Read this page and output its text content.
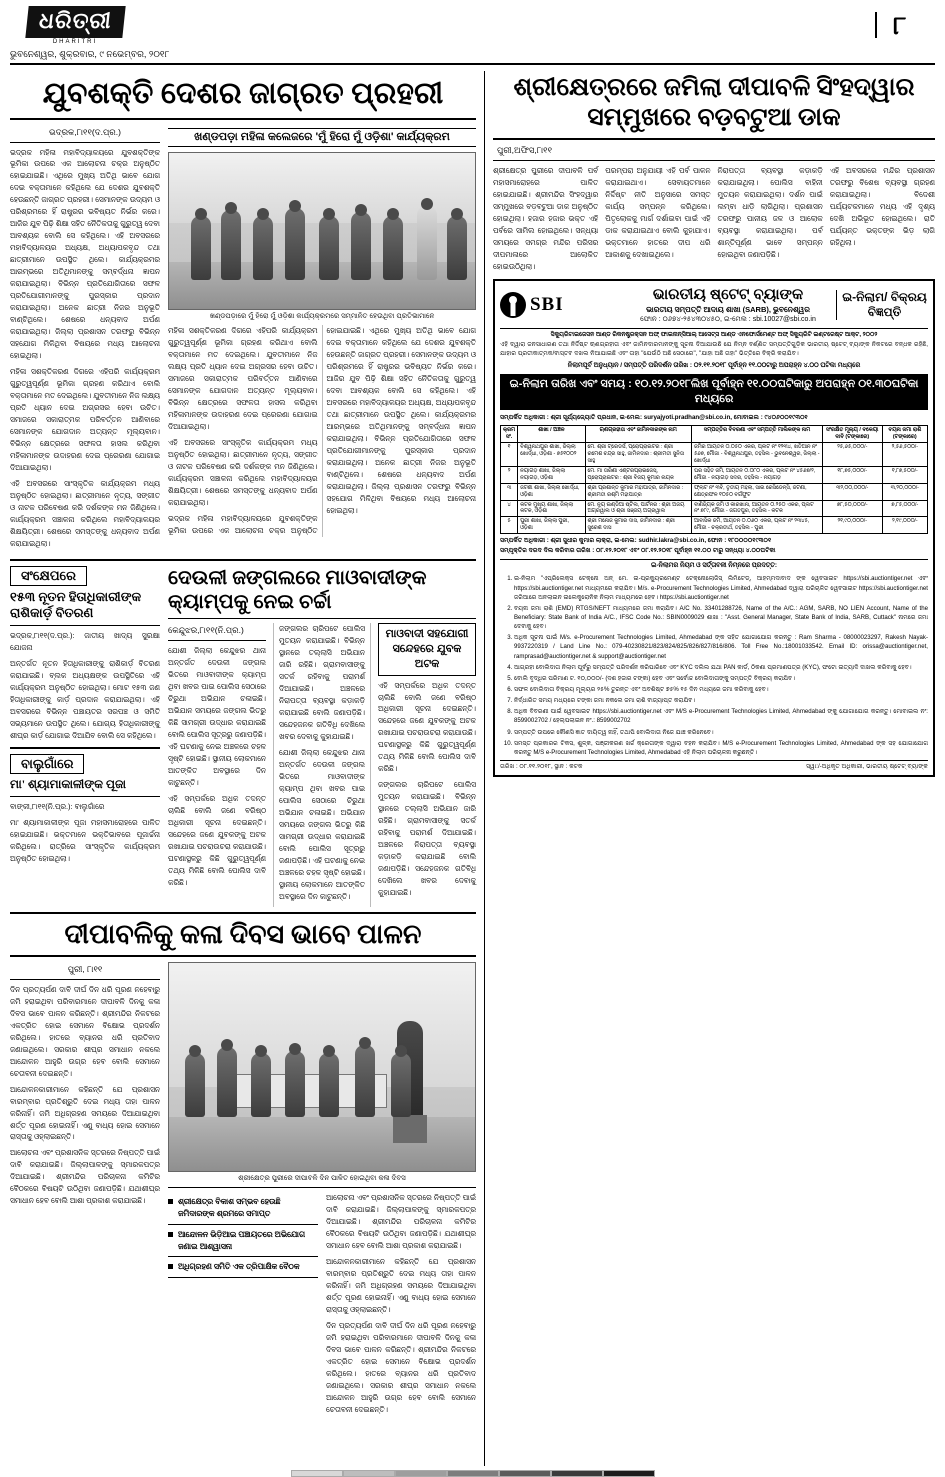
ଧରିତ୍ରୀ
DHARITRI
ଭୁବନେଶ୍ୱର, ଶୁକ୍ରବାର, ୯ ନଭେମ୍ବର, ୨୦୧୮
୮
ଯୁବଶକ୍ତି ଦେଶର ଜାଗ୍ରତ ପ୍ରହରୀ
ଭଦ୍ରକ,୮ା୧୧(ଦ.ପ୍ର.)

ଭଦ୍ରକ ମହିଳା ମହାବିଦ୍ୟାଳୟରେ ଯୁବଶକ୍ତିଙ୍କ ଭୂମିକା ଉପରେ ଏକ ଆଲୋଚନା ଚକ୍ର ଅନୁଷ୍ଠିତ ହୋଇଯାଇଛି। ଏଥିରେ ମୁଖ୍ୟ ଅତିଥି ଭାବେ ଯୋଗ ଦେଇ ବକ୍ତାମାନେ କହିଥିଲେ ଯେ ଦେଶର ଯୁବଶକ୍ତି ହେଉଛନ୍ତି ଜାଗ୍ରତ ପ୍ରହରୀ। ସେମାନଙ୍କ ଉଦ୍ୟମ ଓ ପରିଶ୍ରମରେ ହିଁ ରାଷ୍ଟ୍ରର ଭବିଷ୍ୟତ ନିର୍ଭର କରେ। ଆଜିର ଯୁବ ପିଢ଼ି ଶିକ୍ଷା ସହିତ ନୈତିକତାକୁ ଗୁରୁତ୍ୱ ଦେବା ଆବଶ୍ୟକ ବୋଲି ସେ କହିଥିଲେ। ଏହି ଅବସରରେ ମହାବିଦ୍ୟାଳୟର ଅଧ୍ୟକ୍ଷ, ଅଧ୍ୟାପକବୃନ୍ଦ ତଥା ଛାତ୍ରୀମାନେ ଉପସ୍ଥିତ ଥିଲେ। କାର୍ଯ୍ୟକ୍ରମର ଆରମ୍ଭରେ ଅତିଥିମାନଙ୍କୁ ସମ୍ବର୍ଦ୍ଧନା ଜ୍ଞାପନ କରାଯାଇଥିଲା। ବିଭିନ୍ନ ପ୍ରତିଯୋଗିତାରେ ସଫଳ ପ୍ରତିଯୋଗୀମାନଙ୍କୁ ପୁରସ୍କାର ପ୍ରଦାନ କରାଯାଇଥିଲା। ଅନେକ ଛାତ୍ରୀ ନିଜର ଅନୁଭୂତି ବାଣ୍ଟିଥିଲେ। ଶେଷରେ ଧନ୍ୟବାଦ ଅର୍ପଣ କରାଯାଇଥିଲା। ଜିଲ୍ଲା ପ୍ରଶାସନ ତରଫରୁ ବିଭିନ୍ନ ସହଯୋଗ ମିଳିଥିବା ବିଷୟରେ ମଧ୍ୟ ଆଲୋଚନା ହୋଇଥିଲା।

ମହିଳା ସଶକ୍ତିକରଣ ଦିଗରେ ଏହିପରି କାର୍ଯ୍ୟକ୍ରମ ଗୁରୁତ୍ୱପୂର୍ଣ୍ଣ ଭୂମିକା ଗ୍ରହଣ କରିଥାଏ ବୋଲି ବକ୍ତାମାନେ ମତ ଦେଇଥିଲେ। ଯୁବତୀମାନେ ନିଜ ଲକ୍ଷ୍ୟ ପ୍ରତି ଧ୍ୟାନ ଦେଇ ଅଗ୍ରସର ହେବା ଉଚିତ। ସମାଜରେ ସକାରାତ୍ମକ ପରିବର୍ତ୍ତନ ଆଣିବାରେ ସେମାନଙ୍କ ଯୋଗଦାନ ଅତ୍ୟନ୍ତ ମୂଲ୍ୟବାନ। ବିଭିନ୍ନ କ୍ଷେତ୍ରରେ ସଫଳତା ହାସଲ କରିଥିବା ମହିଳାମାନଙ୍କ ଉଦାହରଣ ଦେଇ ପ୍ରେରଣା ଯୋଗାଇ ଦିଆଯାଇଥିଲା।

ଏହି ଅବସରରେ ସାଂସ୍କୃତିକ କାର୍ଯ୍ୟକ୍ରମ ମଧ୍ୟ ଅନୁଷ୍ଠିତ ହୋଇଥିଲା। ଛାତ୍ରୀମାନେ ନୃତ୍ୟ, ସଙ୍ଗୀତ ଓ ନାଟକ ପରିବେଷଣ କରି ଦର୍ଶକଙ୍କ ମନ ଜିଣିଥିଲେ। କାର୍ଯ୍ୟକ୍ରମ ସଞ୍ଚାଳନା କରିଥିଲେ ମହାବିଦ୍ୟାଳୟର ଶିକ୍ଷୟିତ୍ରୀ। ଶେଷରେ ସମସ୍ତଙ୍କୁ ଧନ୍ୟବାଦ ଅର୍ପଣ କରାଯାଇଥିଲା।

ଖଣ୍ଡପଡ଼ା ମହିଳା କଲେଜରେ 'ମୁଁ ହିରୋ ମୁଁ ଓଡ଼ିଶା' କାର୍ଯ୍ୟକ୍ରମ
ଖଣ୍ଡପଡ଼ାରେ ମୁଁ ହିରୋ ମୁଁ ଓଡ଼ିଶା କାର୍ଯ୍ୟକ୍ରମରେ ସମ୍ମାନିତ ହେଉଥିବା ପ୍ରତିଭାମାନେ

ମହିଳା ସଶକ୍ତିକରଣ ଦିଗରେ ଏହିପରି କାର୍ଯ୍ୟକ୍ରମ ଗୁରୁତ୍ୱପୂର୍ଣ୍ଣ ଭୂମିକା ଗ୍ରହଣ କରିଥାଏ ବୋଲି ବକ୍ତାମାନେ ମତ ଦେଇଥିଲେ। ଯୁବତୀମାନେ ନିଜ ଲକ୍ଷ୍ୟ ପ୍ରତି ଧ୍ୟାନ ଦେଇ ଅଗ୍ରସର ହେବା ଉଚିତ। ସମାଜରେ ସକାରାତ୍ମକ ପରିବର୍ତ୍ତନ ଆଣିବାରେ ସେମାନଙ୍କ ଯୋଗଦାନ ଅତ୍ୟନ୍ତ ମୂଲ୍ୟବାନ। ବିଭିନ୍ନ କ୍ଷେତ୍ରରେ ସଫଳତା ହାସଲ କରିଥିବା ମହିଳାମାନଙ୍କ ଉଦାହରଣ ଦେଇ ପ୍ରେରଣା ଯୋଗାଇ ଦିଆଯାଇଥିଲା।

ଏହି ଅବସରରେ ସାଂସ୍କୃତିକ କାର୍ଯ୍ୟକ୍ରମ ମଧ୍ୟ ଅନୁଷ୍ଠିତ ହୋଇଥିଲା। ଛାତ୍ରୀମାନେ ନୃତ୍ୟ, ସଙ୍ଗୀତ ଓ ନାଟକ ପରିବେଷଣ କରି ଦର୍ଶକଙ୍କ ମନ ଜିଣିଥିଲେ। କାର୍ଯ୍ୟକ୍ରମ ସଞ୍ଚାଳନା କରିଥିଲେ ମହାବିଦ୍ୟାଳୟର ଶିକ୍ଷୟିତ୍ରୀ। ଶେଷରେ ସମସ୍ତଙ୍କୁ ଧନ୍ୟବାଦ ଅର୍ପଣ କରାଯାଇଥିଲା।

ଭଦ୍ରକ ମହିଳା ମହାବିଦ୍ୟାଳୟରେ ଯୁବଶକ୍ତିଙ୍କ ଭୂମିକା ଉପରେ ଏକ ଆଲୋଚନା ଚକ୍ର ଅନୁଷ୍ଠିତ ହୋଇଯାଇଛି। ଏଥିରେ ମୁଖ୍ୟ ଅତିଥି ଭାବେ ଯୋଗ ଦେଇ ବକ୍ତାମାନେ କହିଥିଲେ ଯେ ଦେଶର ଯୁବଶକ୍ତି ହେଉଛନ୍ତି ଜାଗ୍ରତ ପ୍ରହରୀ। ସେମାନଙ୍କ ଉଦ୍ୟମ ଓ ପରିଶ୍ରମରେ ହିଁ ରାଷ୍ଟ୍ରର ଭବିଷ୍ୟତ ନିର୍ଭର କରେ। ଆଜିର ଯୁବ ପିଢ଼ି ଶିକ୍ଷା ସହିତ ନୈତିକତାକୁ ଗୁରୁତ୍ୱ ଦେବା ଆବଶ୍ୟକ ବୋଲି ସେ କହିଥିଲେ। ଏହି ଅବସରରେ ମହାବିଦ୍ୟାଳୟର ଅଧ୍ୟକ୍ଷ, ଅଧ୍ୟାପକବୃନ୍ଦ ତଥା ଛାତ୍ରୀମାନେ ଉପସ୍ଥିତ ଥିଲେ। କାର୍ଯ୍ୟକ୍ରମର ଆରମ୍ଭରେ ଅତିଥିମାନଙ୍କୁ ସମ୍ବର୍ଦ୍ଧନା ଜ୍ଞାପନ କରାଯାଇଥିଲା। ବିଭିନ୍ନ ପ୍ରତିଯୋଗିତାରେ ସଫଳ ପ୍ରତିଯୋଗୀମାନଙ୍କୁ ପୁରସ୍କାର ପ୍ରଦାନ କରାଯାଇଥିଲା। ଅନେକ ଛାତ୍ରୀ ନିଜର ଅନୁଭୂତି ବାଣ୍ଟିଥିଲେ। ଶେଷରେ ଧନ୍ୟବାଦ ଅର୍ପଣ କରାଯାଇଥିଲା। ଜିଲ୍ଲା ପ୍ରଶାସନ ତରଫରୁ ବିଭିନ୍ନ ସହଯୋଗ ମିଳିଥିବା ବିଷୟରେ ମଧ୍ୟ ଆଲୋଚନା ହୋଇଥିଲା।

ସଂକ୍ଷେପରେ
୧୫୩ ନୂତନ ହିତାଧିକାରୀଙ୍କ ରାଶିକାର୍ଡ଼ ବିତରଣ

ଭଦ୍ରକ,୮ା୧୧(ଦ.ପ୍ର.): ଜାତୀୟ ଖାଦ୍ୟ ସୁରକ୍ଷା ଯୋଜନା

ଅନ୍ତର୍ଗତ ନୂତନ ହିତାଧିକାରୀଙ୍କୁ ରାଶିକାର୍ଡ଼ ବିତରଣ କରାଯାଇଛି। ବ୍ଲକ ଅଧ୍ୟକ୍ଷଙ୍କ ଉପସ୍ଥିତିରେ ଏହି କାର୍ଯ୍ୟକ୍ରମ ଅନୁଷ୍ଠିତ ହୋଇଥିଲା। ମୋଟ ୧୫୩ ଜଣ ହିତାଧିକାରୀଙ୍କୁ କାର୍ଡ଼ ପ୍ରଦାନ କରାଯାଇଥିଲା। ଏହି ଅବସରରେ ବିଭିନ୍ନ ପଞ୍ଚାୟତର ସରପଞ୍ଚ ଓ ସମିତି ସଭ୍ୟମାନେ ଉପସ୍ଥିତ ଥିଲେ। ଯୋଗ୍ୟ ହିତାଧିକାରୀଙ୍କୁ ଶୀଘ୍ର କାର୍ଡ଼ ଯୋଗାଇ ଦିଆଯିବ ବୋଲି ସେ କହିଥିଲେ।

ବାଲୁଗାଁରେ
ମା' ଶ୍ୟାମାକାଳୀଙ୍କ ପୂଜା

ବାଙ୍କୀ,୮ା୧୧(ନି.ପ୍ର.): ବାଲୁଗାଁରେ

ମା' ଶ୍ୟାମାକାଳୀଙ୍କ ପୂଜା ମହାସମାରୋହରେ ପାଳିତ ହୋଇଯାଇଛି। ଭକ୍ତମାନେ ଭକ୍ତିଭାବରେ ପୂଜାର୍ଚ୍ଚନା କରିଥିଲେ। ରାତ୍ରିରେ ସାଂସ୍କୃତିକ କାର୍ଯ୍ୟକ୍ରମ ଅନୁଷ୍ଠିତ ହୋଇଥିଲା।

ଦେଉଳୀ ଜଙ୍ଗଲରେ ମାଓବାଦୀଙ୍କ କ୍ୟାମ୍ପକୁ ନେଇ ଚର୍ଚ୍ଚା
କେନ୍ଦୁଝର,୮ା୧୧(ନି.ପ୍ର.)

ଯୋଶୀ ଜିଲ୍ଲା କେନ୍ଦୁଝର ଥାନା ଅନ୍ତର୍ଗତ ଦେଉଳୀ ଜଙ୍ଗଲ ଭିତରେ ମାଓବାଦୀଙ୍କ କ୍ୟାମ୍ପ ଥିବା ଖବର ପାଇ ପୋଲିସ ସେଠାରେ ଚିରୁଥା ଅଭିଯାନ ଚଳାଇଛି। ଅଭିଯାନ ସମୟରେ ଜଙ୍ଗଲ ଭିତରୁ କିଛି ସାମଗ୍ରୀ ଉଦ୍ଧାର କରାଯାଇଛି ବୋଲି ପୋଲିସ ସୂତ୍ରରୁ ଜଣାପଡ଼ିଛି। ଏହି ଘଟଣାକୁ ନେଇ ଅଞ୍ଚଳରେ ଚହଳ ସୃଷ୍ଟି ହୋଇଛି। ସ୍ଥାନୀୟ ଲୋକମାନେ ଆତଙ୍କିତ ଅବସ୍ଥାରେ ଦିନ କାଟୁଛନ୍ତି।

ଏହି ସମ୍ପର୍କରେ ଅଧିକ ତଦନ୍ତ ଚାଲିଛି ବୋଲି ଜଣେ ବରିଷ୍ଠ ଅଧିକାରୀ ସୂଚନା ଦେଇଛନ୍ତି। ସନ୍ଦେହରେ ଜଣେ ଯୁବକଙ୍କୁ ଅଟକ ରଖାଯାଇ ପଚରାଉଚରା କରାଯାଉଛି। ଘଟଣାସ୍ଥଳରୁ କିଛି ଗୁରୁତ୍ୱପୂର୍ଣ୍ଣ ତଥ୍ୟ ମିଳିଛି ବୋଲି ପୋଲିସ ଦାବି କରିଛି।

ଜଙ୍ଗଲର ଚାରିପଟେ ପୋଲିସ ମୁତୟନ କରାଯାଇଛି। ବିଭିନ୍ନ ସ୍ଥାନରେ ତଲ୍ଲାସି ଅଭିଯାନ ଜାରି ରହିଛି। ଗ୍ରାମବାସୀଙ୍କୁ ସତର୍କ ରହିବାକୁ ପରାମର୍ଶ ଦିଆଯାଇଛି। ଅଞ୍ଚଳରେ ନିରାପତ୍ତା ବ୍ୟବସ୍ଥା କଡ଼ାକଡ଼ି କରାଯାଇଛି ବୋଲି ଜଣାପଡ଼ିଛି। ସନ୍ଦେହଜନକ ଗତିବିଧି ଦେଖିଲେ ଖବର ଦେବାକୁ କୁହାଯାଇଛି।

ଯୋଶୀ ଜିଲ୍ଲା କେନ୍ଦୁଝର ଥାନା ଅନ୍ତର୍ଗତ ଦେଉଳୀ ଜଙ୍ଗଲ ଭିତରେ ମାଓବାଦୀଙ୍କ କ୍ୟାମ୍ପ ଥିବା ଖବର ପାଇ ପୋଲିସ ସେଠାରେ ଚିରୁଥା ଅଭିଯାନ ଚଳାଇଛି। ଅଭିଯାନ ସମୟରେ ଜଙ୍ଗଲ ଭିତରୁ କିଛି ସାମଗ୍ରୀ ଉଦ୍ଧାର କରାଯାଇଛି ବୋଲି ପୋଲିସ ସୂତ୍ରରୁ ଜଣାପଡ଼ିଛି। ଏହି ଘଟଣାକୁ ନେଇ ଅଞ୍ଚଳରେ ଚହଳ ସୃଷ୍ଟି ହୋଇଛି। ସ୍ଥାନୀୟ ଲୋକମାନେ ଆତଙ୍କିତ ଅବସ୍ଥାରେ ଦିନ କାଟୁଛନ୍ତି।

ମାଓବାଦୀ ସହଯୋଗୀ ସନ୍ଦେହରେ ଯୁବକ ଅଟକ

ଏହି ସମ୍ପର୍କରେ ଅଧିକ ତଦନ୍ତ ଚାଲିଛି ବୋଲି ଜଣେ ବରିଷ୍ଠ ଅଧିକାରୀ ସୂଚନା ଦେଇଛନ୍ତି। ସନ୍ଦେହରେ ଜଣେ ଯୁବକଙ୍କୁ ଅଟକ ରଖାଯାଇ ପଚରାଉଚରା କରାଯାଉଛି। ଘଟଣାସ୍ଥଳରୁ କିଛି ଗୁରୁତ୍ୱପୂର୍ଣ୍ଣ ତଥ୍ୟ ମିଳିଛି ବୋଲି ପୋଲିସ ଦାବି କରିଛି।

ଜଙ୍ଗଲର ଚାରିପଟେ ପୋଲିସ ମୁତୟନ କରାଯାଇଛି। ବିଭିନ୍ନ ସ୍ଥାନରେ ତଲ୍ଲାସି ଅଭିଯାନ ଜାରି ରହିଛି। ଗ୍ରାମବାସୀଙ୍କୁ ସତର୍କ ରହିବାକୁ ପରାମର୍ଶ ଦିଆଯାଇଛି। ଅଞ୍ଚଳରେ ନିରାପତ୍ତା ବ୍ୟବସ୍ଥା କଡ଼ାକଡ଼ି କରାଯାଇଛି ବୋଲି ଜଣାପଡ଼ିଛି। ସନ୍ଦେହଜନକ ଗତିବିଧି ଦେଖିଲେ ଖବର ଦେବାକୁ କୁହାଯାଇଛି।

ଦୀପାବଳିକୁ କଳା ଦିବସ ଭାବେ ପାଳନ
ପୁରୀ, ୮ା୧୧

ଦିନ ପ୍ରତ୍ୟର୍ପଣ ଦାବି ଦୀର୍ଘ ଦିନ ଧରି ପୂରଣ ନହେବାରୁ ଜମି ହରାଇଥିବା ପରିବାରମାନେ ଦୀପାବଳି ଦିନକୁ କଳା ଦିବସ ଭାବେ ପାଳନ କରିଛନ୍ତି। ଶ୍ରୀମନ୍ଦିର ନିକଟରେ ଏକତ୍ରିତ ହୋଇ ସେମାନେ ବିକ୍ଷୋଭ ପ୍ରଦର୍ଶନ କରିଥିଲେ। ହାତରେ ବ୍ୟାନର ଧରି ପ୍ରତିବାଦ ଜଣାଇଥିଲେ। ସରକାର ଶୀଘ୍ର ସମାଧାନ ନକଲେ ଆନ୍ଦୋଳନ ଆହୁରି ଉଗ୍ର ହେବ ବୋଲି ସେମାନେ ଚେତାବନୀ ଦେଇଛନ୍ତି।

ଆନ୍ଦୋଳନକାରୀମାନେ କହିଛନ୍ତି ଯେ ପ୍ରଶାସନ ବାରମ୍ବାର ପ୍ରତିଶ୍ରୁତି ଦେଇ ମଧ୍ୟ ତାହା ପାଳନ କରିନାହିଁ। ଜମି ଅଧିଗ୍ରହଣ ସମୟରେ ଦିଆଯାଇଥିବା ଶର୍ତ୍ତ ପୂରଣ ହୋଇନାହିଁ। ଏଣୁ ବାଧ୍ୟ ହୋଇ ସେମାନେ ରାସ୍ତାକୁ ଓହ୍ଲାଇଛନ୍ତି।

ଆଲୋଚନା ଏବଂ ପ୍ରଶାସନିକ ସ୍ତରରେ ନିଷ୍ପତ୍ତି ପାଇଁ ଦାବି କରାଯାଇଛି। ଜିଲ୍ଲାପାଳଙ୍କୁ ସ୍ମାରକପତ୍ର ଦିଆଯାଇଛି। ଶ୍ରୀମନ୍ଦିର ପରିଚାଳନା କମିଟିର ବୈଠକରେ ବିଷୟଟି ଉଠିଥିବା ଜଣାପଡ଼ିଛି। ଯଥାଶୀଘ୍ର ସମାଧାନ ହେବ ବୋଲି ଆଶା ପ୍ରକାଶ କରାଯାଇଛି।

ଶ୍ରୀକ୍ଷେତ୍ର ପୁରୀରେ ଦୀପାବଳି ଦିନ ପାଳିତ ହୋଇଥିବା କଳା ଦିବସ
ଶ୍ରୀକ୍ଷେତ୍ର ବିକାଶ ସମ୍ଭବ ହେଉଛି ଜମିଦାରଙ୍କ ଶ୍ରମରେ ସମାପ୍ତ
ଆନ୍ଦୋଳନ ଭିଡ଼ିଆଇ ପଞ୍ଚାୟତରେ ଅଭିଯୋଗ ଜଣାଇ ଆଶ୍ୱାସନା
ଅଧିଗ୍ରହଣ ସମିତି ଏକ ତ୍ରିପାକ୍ଷିକ ବୈଠକ

ଆଲୋଚନା ଏବଂ ପ୍ରଶାସନିକ ସ୍ତରରେ ନିଷ୍ପତ୍ତି ପାଇଁ ଦାବି କରାଯାଇଛି। ଜିଲ୍ଲାପାଳଙ୍କୁ ସ୍ମାରକପତ୍ର ଦିଆଯାଇଛି। ଶ୍ରୀମନ୍ଦିର ପରିଚାଳନା କମିଟିର ବୈଠକରେ ବିଷୟଟି ଉଠିଥିବା ଜଣାପଡ଼ିଛି। ଯଥାଶୀଘ୍ର ସମାଧାନ ହେବ ବୋଲି ଆଶା ପ୍ରକାଶ କରାଯାଇଛି।

ଆନ୍ଦୋଳନକାରୀମାନେ କହିଛନ୍ତି ଯେ ପ୍ରଶାସନ ବାରମ୍ବାର ପ୍ରତିଶ୍ରୁତି ଦେଇ ମଧ୍ୟ ତାହା ପାଳନ କରିନାହିଁ। ଜମି ଅଧିଗ୍ରହଣ ସମୟରେ ଦିଆଯାଇଥିବା ଶର୍ତ୍ତ ପୂରଣ ହୋଇନାହିଁ। ଏଣୁ ବାଧ୍ୟ ହୋଇ ସେମାନେ ରାସ୍ତାକୁ ଓହ୍ଲାଇଛନ୍ତି।

ଦିନ ପ୍ରତ୍ୟର୍ପଣ ଦାବି ଦୀର୍ଘ ଦିନ ଧରି ପୂରଣ ନହେବାରୁ ଜମି ହରାଇଥିବା ପରିବାରମାନେ ଦୀପାବଳି ଦିନକୁ କଳା ଦିବସ ଭାବେ ପାଳନ କରିଛନ୍ତି। ଶ୍ରୀମନ୍ଦିର ନିକଟରେ ଏକତ୍ରିତ ହୋଇ ସେମାନେ ବିକ୍ଷୋଭ ପ୍ରଦର୍ଶନ କରିଥିଲେ। ହାତରେ ବ୍ୟାନର ଧରି ପ୍ରତିବାଦ ଜଣାଇଥିଲେ। ସରକାର ଶୀଘ୍ର ସମାଧାନ ନକଲେ ଆନ୍ଦୋଳନ ଆହୁରି ଉଗ୍ର ହେବ ବୋଲି ସେମାନେ ଚେତାବନୀ ଦେଇଛନ୍ତି।

ଶ୍ରୀକ୍ଷେତ୍ରରେ ଜମିଲା ଦୀପାବଳି ସିଂହଦ୍ୱାର ସମ୍ମୁଖରେ ବଡ଼ବଟୁଆ ଡାକ
ପୁରୀ,ଅଫିସ,୮ା୧୧

ଶ୍ରୀକ୍ଷେତ୍ର ପୁରୀରେ ଦୀପାବଳି ପର୍ବ ମହାସମାରୋହରେ ପାଳିତ ହୋଇଯାଇଛି। ଶ୍ରୀମନ୍ଦିର ସିଂହଦ୍ୱାର ସମ୍ମୁଖରେ ବଡ଼ବଟୁଆ ଡାକ ଅନୁଷ୍ଠିତ ହୋଇଥିଲା। ହଜାର ହଜାର ଭକ୍ତ ଏହି ପର୍ବରେ ସାମିଲ ହୋଇଥିଲେ। ସନ୍ଧ୍ୟା ସମୟରେ ସମଗ୍ର ମନ୍ଦିର ପରିସର ଦୀପମାଳାରେ ଆଲୋକିତ ହୋଇଉଠିଥିଲା।

ପରମ୍ପରା ଅନୁଯାୟୀ ଏହି ପର୍ବ ପାଳନ କରାଯାଇଥାଏ। ସେବାୟତମାନେ ନିର୍ଦ୍ଦିଷ୍ଟ ନୀତି ଅନୁସାରେ ସମସ୍ତ କାର୍ଯ୍ୟ ସମ୍ପନ୍ନ କରିଥିଲେ। ପିତୃଲୋକକୁ ମାର୍ଗ ଦର୍ଶାଇବା ପାଇଁ ଏହି ଡାକ କରାଯାଇଥାଏ ବୋଲି କୁହାଯାଏ। ଭକ୍ତମାନେ ହାତରେ ଦୀପ ଧରି ଆକାଶକୁ ଦେଖାଇଥିଲେ।

ନିରାପତ୍ତା ବ୍ୟବସ୍ଥା କଡ଼ାକଡ଼ି କରାଯାଇଥିଲା। ପୋଲିସ ବାହିନୀ ମୁତୟନ କରାଯାଇଥିଲା। ଦର୍ଶନ ପାଇଁ ଲମ୍ବା ଧାଡ଼ି ଲାଗିଥିଲା। ପ୍ରଶାସନ ତରଫରୁ ପାନୀୟ ଜଳ ଓ ଆଲୋକ ବ୍ୟବସ୍ଥା କରାଯାଇଥିଲା। ପର୍ବ ଶାନ୍ତିପୂର୍ଣ୍ଣ ଭାବେ ସମ୍ପନ୍ନ ହୋଇଥିବା ଜଣାପଡ଼ିଛି।

ଏହି ଅବସରରେ ମନ୍ଦିର ପ୍ରଶାସନ ତରଫରୁ ବିଶେଷ ବ୍ୟବସ୍ଥା ଗ୍ରହଣ କରାଯାଇଥିଲା। ବିଦେଶୀ ପର୍ଯ୍ୟଟକମାନେ ମଧ୍ୟ ଏହି ଦୃଶ୍ୟ ଦେଖି ଅଭିଭୂତ ହୋଇଥିଲେ। ରାତି ପର୍ଯ୍ୟନ୍ତ ଭକ୍ତଙ୍କ ଭିଡ଼ ଲାଗି ରହିଥିଲା।

SBI	ଭାରତୀୟ ଷ୍ଟେଟ୍ ବ୍ୟାଙ୍କ
ଭାରତୀୟ ସମ୍ପତ୍ତି ଆଦାୟ ଶାଖା (SARB), ଭୁବନେଶ୍ୱର
ଫୋନ : ୦୬୭୪-୨୫୪୩୦୪୫୦, ଇ-ମେଲ : sbi.10027@sbi.co.in
ଇ-ନିଲାମ/ ବିକ୍ରୟ ବିଜ୍ଞପ୍ତି
ସିକ୍ୟୁରିଟାଇଜେସନ ଆଣ୍ଡ ରିକନଷ୍ଟ୍ରକ୍ସନ ଅଫ୍ ଫାଇନାନ୍ସିଆଲ୍ ଆସେଟ୍ସ ଆଣ୍ଡ ଏନଫୋର୍ସମେଣ୍ଟ ଅଫ୍ ସିକ୍ୟୁରିଟି ଇଣ୍ଟରେଷ୍ଟ ଆକ୍ଟ, ୨୦୦୨
ଏହି ଦ୍ୱାରା ଜନସାଧାରଣ ତଥା ନିର୍ଦ୍ଦିଷ୍ଟ ଋଣଗ୍ରହୀତା ଏବଂ ଜାମିନଦାରମାନଙ୍କୁ ସୂଚନା ଦିଆଯାଉଛି ଯେ ନିମ୍ନ ବର୍ଣ୍ଣିତ ସମ୍ପତ୍ତିଗୁଡ଼ିକ ଭାରତୀୟ ଷ୍ଟେଟ୍ ବ୍ୟାଙ୍କ ନିକଟରେ ବନ୍ଧକ ରହିଛି, ଯାହାର ପ୍ରତୀକାତ୍ମକ/ବାସ୍ତବ ଦଖଲ ନିଆଯାଇଛି ଏବଂ ତାହା "ଯେଉଁଠି ଅଛି ସେଠାରେ", "ଯାହା ଅଛି ତାହା" ଭିତ୍ତିରେ ବିକ୍ରି କରାଯିବ।
ନିଲାମପୂର୍ବ ଅନୁଧ୍ୟାନ / ସମ୍ପତ୍ତି ପରିଦର୍ଶନ ତାରିଖ : ୦୨.୧୧.୨୦୧୮ ପୂର୍ବାହ୍ନ ୧୧.୦୦ଟାରୁ ଅପରାହ୍ନ ୪.୦୦ ଘଟିକା ମଧ୍ୟରେ
ଇ-ନିଲାମ ତାରିଖ ଏବଂ ସମୟ : ୧୦.୧୨.୨୦୧୮ଲିଖ ପୂର୍ବାହ୍ନ ୧୧.୦୦ଘଟିକାରୁ ଅପରାହ୍ନ ୦୧.୩୦ଘଟିକା ମଧ୍ୟରେ
ସମ୍ପର୍କିତ ଅଧିକାରୀ : ଶ୍ରୀ ସୂର୍ଯ୍ୟଜ୍ୟୋତି ପ୍ରଧାନ, ଇ-ମେଲ: suryajyoti.pradhan@sbi.co.in, ମୋବାଇଲ : ୯୪୦୬୦୦୧୯୩୦୧
କ୍ରମ ସଂ.	ଶାଖା / ଅଞ୍ଚଳ	ଋଣଗ୍ରହୀତା ଏବଂ ଜାମିନଦାରଙ୍କ ନାମ	ସମ୍ପତ୍ତିର ବିବରଣୀ ଏବଂ ସମ୍ପତ୍ତି ମାଲିକଙ୍କ ନାମ	ସଂରକ୍ଷିତ ମୂଲ୍ୟ / ବକେୟା ଦାବି (ଟଙ୍କାରେ)	ବୟନା ଜମା ରାଶି (ଟଙ୍କାରେ)
୧	ବିଶ୍ୱନାଥପୁର ଶାଖା, ଜିଲ୍ଲା ଖୋର୍ଦ୍ଧା, ଓଡ଼ିଶା - ୭୫୧୦୦୨	ମେ. ଶ୍ରୀ ଟ୍ରେଡର୍ସ, ପ୍ରୋପ୍ରାଇଟର : ଶ୍ରୀ ରମେଶ ଚନ୍ଦ୍ର ସାହୁ, ଜାମିନଦାର : ଶ୍ରୀମତୀ ସୁନିତା ସାହୁ	ଜମିର ଆୟତନ ୦.୦୫୦ ଏକର, ପ୍ଲଟ ନଂ ୧୨୩୪, ଖତିଆନ ନଂ ୫୬୭, ମୌଜା - ବିଶ୍ୱନାଥପୁର, ତହସିଲ - ଭୁବନେଶ୍ୱର, ଜିଲ୍ଲା - ଖୋର୍ଦ୍ଧା	୨୫,୬୫,୦୦୦/-	୨,୫୬,୫୦୦/-
୨	ନୟାଗଡ଼ ଶାଖା, ଜିଲ୍ଲା ନୟାଗଡ଼, ଓଡ଼ିଶା	ମେ. ମା ତାରିଣୀ ଏଣ୍ଟରପ୍ରାଇଜେସ୍, ପ୍ରୋପ୍ରାଇଟର : ଶ୍ରୀ ବିଜୟ କୁମାର ନାୟକ	ଘର ସହିତ ଜମି, ଆୟତନ ୦.୦୮୦ ଏକର, ପ୍ଲଟ ନଂ ୪୫୬୭/୨, ମୌଜା - ନୟାଗଡ଼ ସଦର, ତହସିଲ - ନୟାଗଡ଼	୧୮,୭୫,୦୦୦/-	୧,୮୭,୫୦୦/-
୩	ଜଟଣୀ ଶାଖା, ଜିଲ୍ଲା ଖୋର୍ଦ୍ଧା, ଓଡ଼ିଶା	ଶ୍ରୀ ପ୍ରଶାନ୍ତ କୁମାର ମହାପାତ୍ର, ଜାମିନଦାର : ଶ୍ରୀମତୀ ରଶ୍ମି ମହାପାତ୍ର	ଫ୍ଲାଟ ନଂ ୩ବି, ତୃତୀୟ ମହଲା, ସାଇ ରେସିଡେନ୍ସି, ଜଟଣୀ, କ୍ଷେତ୍ରଫଳ ୧୦୫୦ ବର୍ଗଫୁଟ	୩୨,୦୦,୦୦୦/-	୩,୨୦,୦୦୦/-
୪	କଟକ ମୁଖ୍ୟ ଶାଖା, ଜିଲ୍ଲା କଟକ, ଓଡ଼ିଶା	ମେ. ନ୍ୟୁ ଇଣ୍ଡିଆ ଷ୍ଟିଲ, ପାର୍ଟନର : ଶ୍ରୀ ଅଜୟ ଅଗ୍ରୱାଲ ଓ ଶ୍ରୀ ସଞ୍ଜୟ ଅଗ୍ରୱାଲ	ବାଣିଜ୍ୟିକ ଜମି ଓ କାରଖାନା, ଆୟତନ ୦.୨୫୦ ଏକର, ପ୍ଲଟ ନଂ ୭୮୯, ମୌଜା - ଜଗତପୁର, ତହସିଲ - କଟକ	୭୮,୫୦,୦୦୦/-	୭,୮୫,୦୦୦/-
୫	ପୁରୀ ଶାଖା, ଜିଲ୍ଲା ପୁରୀ, ଓଡ଼ିଶା	ଶ୍ରୀ ମନୋଜ କୁମାର ଦାସ, ଜାମିନଦାର : ଶ୍ରୀ ସୁରେଶ ଦାସ	ଆବାସିକ ଜମି, ଆୟତନ ୦.୦୬୦ ଏକର, ପ୍ଲଟ ନଂ ୨୩୪୫, ମୌଜା - ଚକ୍ରତୀର୍ଥ, ତହସିଲ - ପୁରୀ	୨୧,୯୦,୦୦୦/-	୨,୧୯,୦୦୦/-
ସମ୍ପର୍କିତ ଅଧିକାରୀ : ଶ୍ରୀ ସୁଧୀର କୁମାର ଲାକ୍ରା, ଇ-ମେଲ: sudhir.lakra@sbi.co.in, ଫୋନ : ୧୮୦୦୦୦୧୯୩୦୧
ସମ୍ପୃକ୍ତିର ଦରଦ ଦିଲ କରିବାର ତାରିଖ : ୦୮.୧୨.୨୦୧୮ ଏବଂ ୦୮.୧୨.୨୦୧୮ ପୂର୍ବାହ୍ନ ୧୧.୦୦ ଟାରୁ ସନ୍ଧ୍ୟା ୪.୦୦ଘଟିକା
ଇ-ନିଲାମର ନିୟମ ଓ ସର୍ତ୍ତାବଳୀ ନିମ୍ନରେ ପ୍ରଦତ୍ତ:
1. ଇ-ନିଲାମ "ଏପ୍ରିଲେକ୍ସ ଟେକ୍ନୋ ଅନ୍ ମେ. ଇ-ପ୍ରକ୍ୟୁରମେଣ୍ଟ ଟେକ୍ନୋଲୋଜିସ୍ ଲିମିଟେଡ୍, ଆହମ୍ମଦାବାଦ ଙ୍କ ୱେବସାଇଟ https://sbi.auctiontiger.net ଏବଂ https://sbi.auctiontiger.net ମାଧ୍ୟମରେ କରାଯିବ। M/s. e-Procurement Technologies Limited, Ahmedabad ଦ୍ୱାରା ପରିଚାଳିତ ୱେବସାଇଟ https://sbi.auctiontiger.net ଜରିଆରେ ଅନଲାଇନ ଇଲେକ୍ଟ୍ରୋନିକ ନିଲାମ ମାଧ୍ୟମରେ ହେବ। https://sbi.auctiontiger.net
2. ବୟନା ଜମା ରାଶି (EMD) RTGS/NEFT ମାଧ୍ୟମରେ ଜମା କରାଯିବ। A/C No. 33401288726, Name of the A/C.: AGM, SARB, NO LIEN Account, Name of the Beneficiary: State Bank of India A/C., IFSC Code No.: SBIN0009029 ଶାଖା : "Asst. General Manager, State Bank of India, SARB, Cuttack" ନାମରେ ଜମା ଦେବାକୁ ହେବ।
3. ଅଧିକ ସୂଚନା ପାଇଁ M/s. e-Procurement Technologies Limited, Ahmedabad ଙ୍କ ସହିତ ଯୋଗାଯୋଗ କରନ୍ତୁ : Ram Sharma - 08000023297, Rakesh Nayak- 9937220319 / Land Line No.: 079-40230821/823/824/825/826/827/816/806. Toll Free No.:18001033542. Email ID: orissa@auctiontiger.net, ramprasad@auctiontiger.net & support@auctiontiger.net
4. ଆଗ୍ରହୀ ବୋଲିଦାତା ନିଲାମ ପୂର୍ବରୁ ସମ୍ପତ୍ତି ପରିଦର୍ଶନ କରିପାରିବେ ଏବଂ KYC ଦଲିଲ ଯଥା PAN କାର୍ଡ଼, ଠିକଣା ପ୍ରମାଣପତ୍ର (KYC), ଫଟୋ ଇତ୍ୟାଦି ଦାଖଲ କରିବାକୁ ହେବ।
5. ବୋଲି ବୃଦ୍ଧିର ପରିମାଣ ଟ. ୧୦,୦୦୦/- (ଦଶ ହଜାର ଟଙ୍କା) ହେବ ଏବଂ ସର୍ବୋଚ୍ଚ ବୋଲିଦାତାଙ୍କୁ ସମ୍ପତ୍ତି ବିକ୍ରୟ କରାଯିବ।
6. ସଫଳ ବୋଲିଦାତା ବିକ୍ରୟ ମୂଲ୍ୟର ୨୫% ତୁରନ୍ତ ଏବଂ ଅବଶିଷ୍ଟ ୭୫% ୧୫ ଦିନ ମଧ୍ୟରେ ଜମା କରିବାକୁ ହେବ।
7. ନିର୍ଦ୍ଧାରିତ ସମୟ ମଧ୍ୟରେ ଟଙ୍କା ଜମା ନକଲେ ଜମା ରାଶି ବାଜ୍ୟାପ୍ତ କରାଯିବ।
8. ଅଧିକ ବିବରଣୀ ପାଇଁ ୱେବସାଇଟ https://sbi.auctiontiger.net ଏବଂ M/S e-Procurement Technologies Limited, Ahmedabad ଙ୍କୁ ଯୋଗାଯୋଗ କରନ୍ତୁ। ମୋବାଇଲ ନଂ: 8599002702 / ହେଲ୍ପଲାଇନ ନଂ.: 8599002702
9. ସମ୍ପତ୍ତି ଉପରେ କୌଣସି ଜ୍ଞାତ ଦାୟିତ୍ୱ ନାହିଁ, ତଥାପି ବୋଲିଦାତା ନିଜେ ଯାଞ୍ଚ କରିନେବେ।
10. ସମସ୍ତ ପ୍ରକାରର ଟିକସ, ଶୁଳ୍କ, ପଞ୍ଜୀକରଣ ଖର୍ଚ୍ଚ କ୍ରେତାଙ୍କ ଦ୍ୱାରା ବହନ କରାଯିବ। M/S e-Procurement Technologies Limited, Ahmedabad ଙ୍କ ସହ ଯୋଗାଯୋଗ କରନ୍ତୁ M/S e-Procurement Technologies Limited, Ahmedabad ଏହି ନିଲାମ ପରିଚାଳନା କରୁଛନ୍ତି।
ତାରିଖ : ୦୮.୧୧.୨୦୧୮, ସ୍ଥାନ : କଟକ	ସ୍ୱା:/-ଅଧିକୃତ ଅଧିକାରୀ, ଭାରତୀୟ ଷ୍ଟେଟ୍ ବ୍ୟାଙ୍କ
